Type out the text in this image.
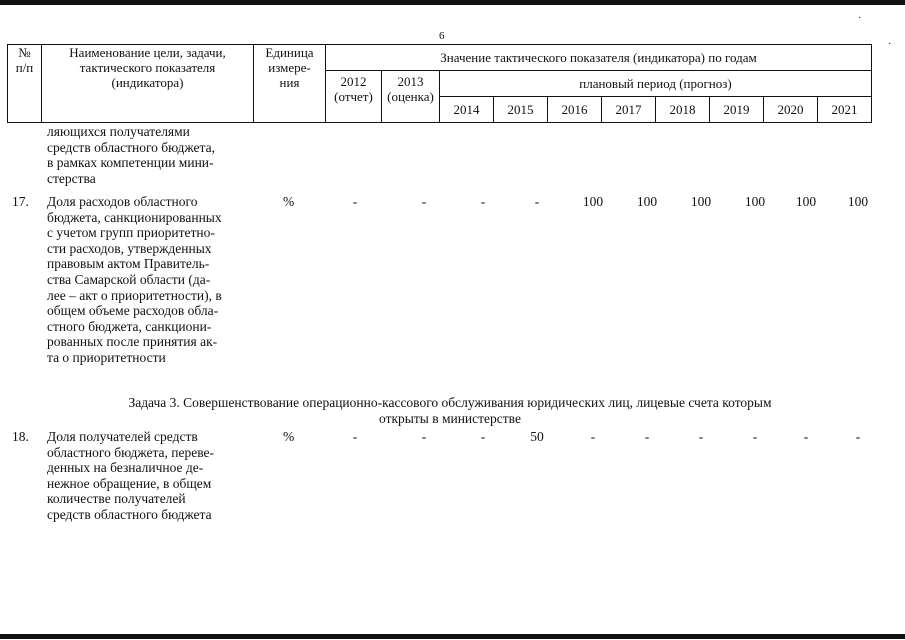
6
·
·
№
п/п	Наименование цели, задачи,
тактического показателя
(индикатора)	Единица
измере-
ния	Значение тактического показателя (индикатора) по годам									
			2012
(отчет)	2013
(оценка)	плановый период (прогноз)							
					2014	2015	2016	2017	2018	2019	2020	2021
ляющихся получателями
средств областного бюджета,
в рамках компетенции мини-
стерства
17. Доля расходов областного
бюджета, санкционированных
с учетом групп приоритетно-
сти расходов, утвержденных
правовым актом Правитель-
ства Самарской области (да-
лее – акт о приоритетности), в
общем объеме расходов обла-
стного бюджета, санкциони-
рованных после принятия ак-
та о приоритетности
%	-	-	-	-	100	100	100	100	100	100
Задача 3. Совершенствование операционно-кассового обслуживания юридических лиц, лицевые счета которым
открыты в министерстве
18. Доля получателей средств
областного бюджета, переве-
денных на безналичное де-
нежное обращение, в общем
количестве получателей
средств областного бюджета
%	-	-	-	50	-	-	-	-	-	-
